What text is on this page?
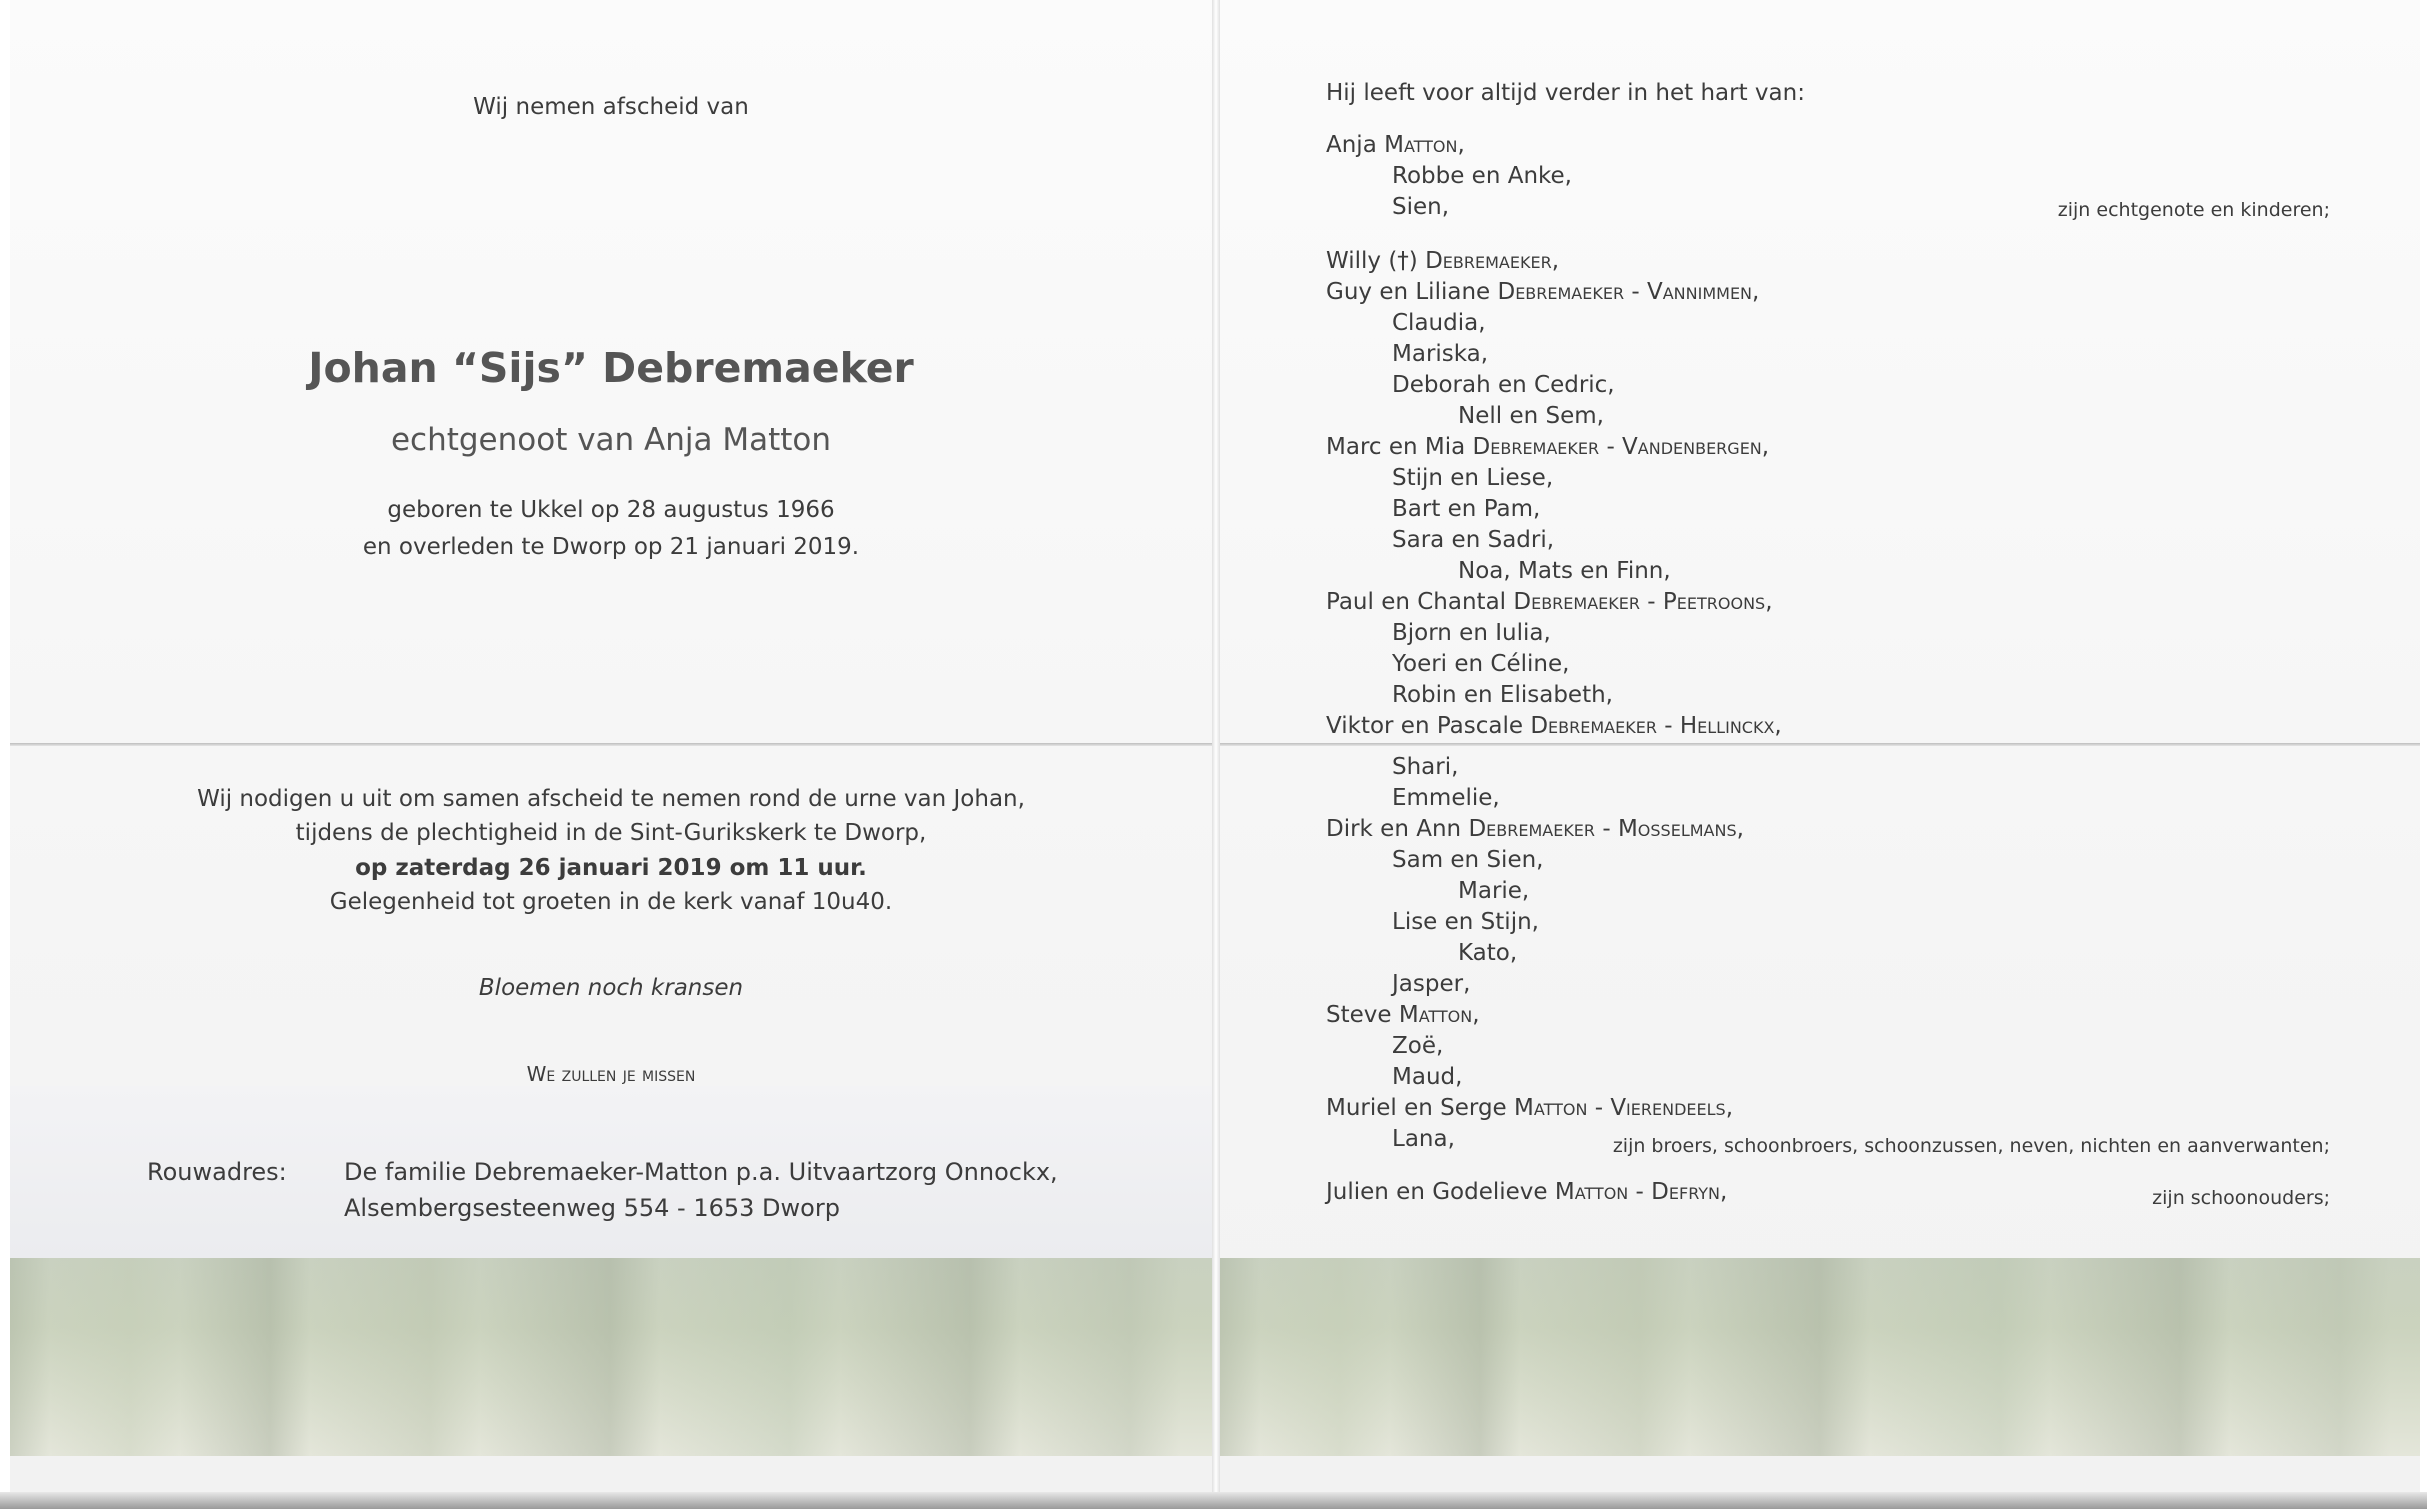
Wij nemen afscheid van
Johan “Sijs” Debremaeker
echtgenoot van Anja Matton
geboren te Ukkel op 28 augustus 1966
en overleden te Dworp op 21 januari 2019.
Wij nodigen u uit om samen afscheid te nemen rond de urne van Johan,
tijdens de plechtigheid in de Sint-Gurikskerk te Dworp,
op zaterdag 26 januari 2019 om 11 uur.
Gelegenheid tot groeten in de kerk vanaf 10u40.
Bloemen noch kransen
We zullen je missen
Rouwadres: De familie Debremaeker-Matton p.a. Uitvaartzorg Onnockx,
Alsembergsesteenweg 554 - 1653 Dworp
Hij leeft voor altijd verder in het hart van:
Anja Matton,
Robbe en Anke,
Sien,
Willy (†) Debremaeker,
Guy en Liliane Debremaeker - Vannimmen,
Claudia,
Mariska,
Deborah en Cedric,
Nell en Sem,
Marc en Mia Debremaeker - Vandenbergen,
Stijn en Liese,
Bart en Pam,
Sara en Sadri,
Noa, Mats en Finn,
Paul en Chantal Debremaeker - Peetroons,
Bjorn en Iulia,
Yoeri en Céline,
Robin en Elisabeth,
Viktor en Pascale Debremaeker - Hellinckx,
Shari,
Emmelie,
Dirk en Ann Debremaeker - Mosselmans,
Sam en Sien,
Marie,
Lise en Stijn,
Kato,
Jasper,
Steve Matton,
Zoë,
Maud,
Muriel en Serge Matton - Vierendeels,
Lana,
Julien en Godelieve Matton - Defryn,
zijn echtgenote en kinderen;
zijn broers, schoonbroers, schoonzussen, neven, nichten en aanverwanten;
zijn schoonouders;
